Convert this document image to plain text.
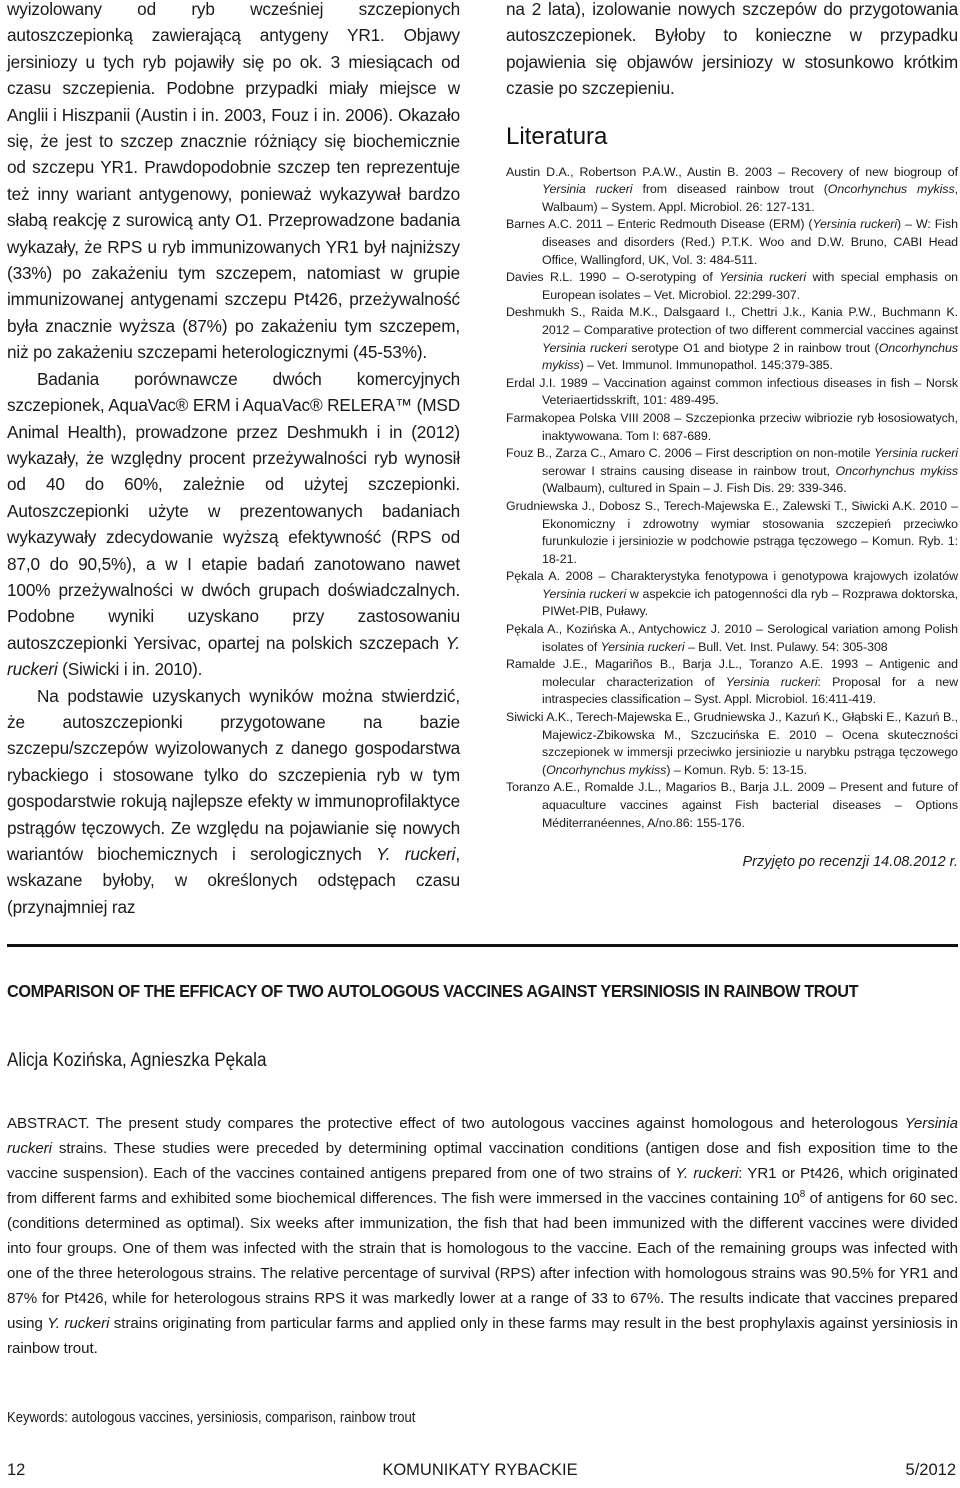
wyizolowany od ryb wcześniej szczepionych autoszczepionką zawierającą antygeny YR1. Objawy jersiniozy u tych ryb pojawiły się po ok. 3 miesiącach od czasu szczepienia. Podobne przypadki miały miejsce w Anglii i Hiszpanii (Austin i in. 2003, Fouz i in. 2006). Okazało się, że jest to szczep znacznie różniący się biochemicznie od szczepu YR1. Prawdopodobnie szczep ten reprezentuje też inny wariant antygenowy, ponieważ wykazywał bardzo słabą reakcję z surowicą anty O1. Przeprowadzone badania wykazały, że RPS u ryb immunizowanych YR1 był najniższy (33%) po zakażeniu tym szczepem, natomiast w grupie immunizowanej antygenami szczepu Pt426, przeżywalność była znacznie wyższa (87%) po zakażeniu tym szczepem, niż po zakażeniu szczepami heterologicznymi (45-53%).

Badania porównawcze dwóch komercyjnych szczepionek, AquaVac® ERM i AquaVac® RELERA™ (MSD Animal Health), prowadzone przez Deshmukh i in (2012) wykazały, że względny procent przeżywalności ryb wynosił od 40 do 60%, zależnie od użytej szczepionki. Autoszczepionki użyte w prezentowanych badaniach wykazywały zdecydowanie wyższą efektywność (RPS od 87,0 do 90,5%), a w I etapie badań zanotowano nawet 100% przeżywalności w dwóch grupach doświadczalnych. Podobne wyniki uzyskano przy zastosowaniu autoszczepionki Yersivac, opartej na polskich szczepach Y. ruckeri (Siwicki i in. 2010).

Na podstawie uzyskanych wyników można stwierdzić, że autoszczepionki przygotowane na bazie szczepu/szczepów wyizolowanych z danego gospodarstwa rybackiego i stosowane tylko do szczepienia ryb w tym gospodarstwie rokują najlepsze efekty w immunoprofilaktyce pstrągów tęczowych. Ze względu na pojawianie się nowych wariantów biochemicznych i serologicznych Y. ruckeri, wskazane byłoby, w określonych odstępach czasu (przynajmniej raz

na 2 lata), izolowanie nowych szczepów do przygotowania autoszczepionek. Byłoby to konieczne w przypadku pojawienia się objawów jersiniozy w stosunkowo krótkim czasie po szczepieniu.

Literatura
Austin D.A., Robertson P.A.W., Austin B. 2003 – Recovery of new biogroup of Yersinia ruckeri from diseased rainbow trout (Oncorhynchus mykiss, Walbaum) – System. Appl. Microbiol. 26: 127-131.
Barnes A.C. 2011 – Enteric Redmouth Disease (ERM) (Yersinia ruckeri) – W: Fish diseases and disorders (Red.) P.T.K. Woo and D.W. Bruno, CABI Head Office, Wallingford, UK, Vol. 3: 484-511.
Davies R.L. 1990 – O-serotyping of Yersinia ruckeri with special emphasis on European isolates – Vet. Microbiol. 22:299-307.
Deshmukh S., Raida M.K., Dalsgaard I., Chettri J.k., Kania P.W., Buchmann K. 2012 – Comparative protection of two different commercial vaccines against Yersinia ruckeri serotype O1 and biotype 2 in rainbow trout (Oncorhynchus mykiss) – Vet. Immunol. Immunopathol. 145:379-385.
Erdal J.I. 1989 – Vaccination against common infectious diseases in fish – Norsk Veteriaertidsskrift, 101: 489-495.
Farmakopea Polska VIII 2008 – Szczepionka przeciw wibriozie ryb łososiowatych, inaktywowana. Tom I: 687-689.
Fouz B., Zarza C., Amaro C. 2006 – First description on non-motile Yersinia ruckeri serowar I strains causing disease in rainbow trout, Oncorhynchus mykiss (Walbaum), cultured in Spain – J. Fish Dis. 29: 339-346.
Grudniewska J., Dobosz S., Terech-Majewska E., Zalewski T., Siwicki A.K. 2010 – Ekonomiczny i zdrowotny wymiar stosowania szczepień przeciwko furunkulozie i jersiniozie w podchowie pstrąga tęczowego – Komun. Ryb. 1: 18-21.
Pękala A. 2008 – Charakterystyka fenotypowa i genotypowa krajowych izolatów Yersinia ruckeri w aspekcie ich patogenności dla ryb – Rozprawa doktorska, PIWet-PIB, Puławy.
Pękala A., Kozińska A., Antychowicz J. 2010 – Serological variation among Polish isolates of Yersinia ruckeri – Bull. Vet. Inst. Pulawy. 54: 305-308
Ramalde J.E., Magariños B., Barja J.L., Toranzo A.E. 1993 – Antigenic and molecular characterization of Yersinia ruckeri: Proposal for a new intraspecies classification – Syst. Appl. Microbiol. 16:411-419.
Siwicki A.K., Terech-Majewska E., Grudniewska J., Kazuń K., Głąbski E., Kazuń B., Majewicz-Zbikowska M., Szczucińska E. 2010 – Ocena skuteczności szczepionek w immersji przeciwko jersiniozie u narybku pstrąga tęczowego (Oncorhynchus mykiss) – Komun. Ryb. 5: 13-15.
Toranzo A.E., Romalde J.L., Magarios B., Barja J.L. 2009 – Present and future of aquaculture vaccines against Fish bacterial diseases – Options Méditerranéennes, A/no.86: 155-176.
Przyjęto po recenzji 14.08.2012 r.
COMPARISON OF THE EFFICACY OF TWO AUTOLOGOUS VACCINES AGAINST YERSINIOSIS IN RAINBOW TROUT
Alicja Kozińska, Agnieszka Pękala

ABSTRACT. The present study compares the protective effect of two autologous vaccines against homologous and heterologous Yersinia ruckeri strains. These studies were preceded by determining optimal vaccination conditions (antigen dose and fish exposition time to the vaccine suspension). Each of the vaccines contained antigens prepared from one of two strains of Y. ruckeri: YR1 or Pt426, which originated from different farms and exhibited some biochemical differences. The fish were immersed in the vaccines containing $10^8$ of antigens for 60 sec. (conditions determined as optimal). Six weeks after immunization, the fish that had been immunized with the different vaccines were divided into four groups. One of them was infected with the strain that is homologous to the vaccine. Each of the remaining groups was infected with one of the three heterologous strains. The relative percentage of survival (RPS) after infection with homologous strains was 90.5% for YR1 and 87% for Pt426, while for heterologous strains RPS it was markedly lower at a range of 33 to 67%. The results indicate that vaccines prepared using Y. ruckeri strains originating from particular farms and applied only in these farms may result in the best prophylaxis against yersiniosis in rainbow trout.

Keywords: autologous vaccines, yersiniosis, comparison, rainbow trout
12	KOMUNIKATY RYBACKIE	5/2012
